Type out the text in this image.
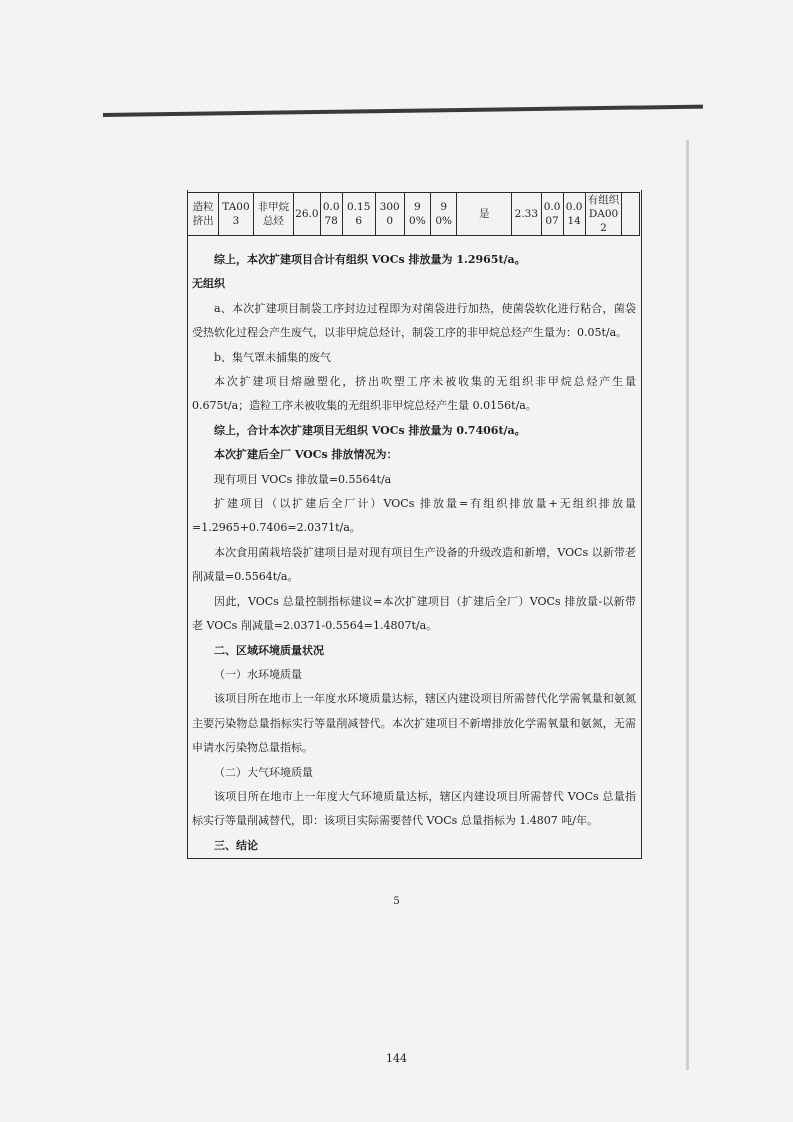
造粒挤出	TA003	非甲烷总烃	26.0	0.078	0.156	3000	90%	90%	是	2.33	0.007	0.014	有组织DA002	

综上，本次扩建项目合计有组织 VOCs 排放量为 1.2965t/a。

无组织

a、本次扩建项目制袋工序封边过程即为对菌袋进行加热，使菌袋软化进行粘合，菌袋受热软化过程会产生废气，以非甲烷总烃计，制袋工序的非甲烷总烃产生量为：0.05t/a。

b、集气罩未捕集的废气

本次扩建项目熔融塑化，挤出吹塑工序未被收集的无组织非甲烷总烃产生量 0.675t/a；造粒工序未被收集的无组织非甲烷总烃产生量 0.0156t/a。

综上，合计本次扩建项目无组织 VOCs 排放量为 0.7406t/a。

本次扩建后全厂 VOCs 排放情况为：

现有项目 VOCs 排放量=0.5564t/a

扩建项目（以扩建后全厂计）VOCs 排放量=有组织排放量+无组织排放量=1.2965+0.7406=2.0371t/a。

本次食用菌栽培袋扩建项目是对现有项目生产设备的升级改造和新增，VOCs 以新带老削减量=0.5564t/a。

因此，VOCs 总量控制指标建议=本次扩建项目（扩建后全厂）VOCs 排放量-以新带老 VOCs 削减量=2.0371-0.5564=1.4807t/a。

二、区域环境质量状况

（一）水环境质量

该项目所在地市上一年度水环境质量达标，辖区内建设项目所需替代化学需氧量和氨氮主要污染物总量指标实行等量削减替代。本次扩建项目不新增排放化学需氧量和氨氮，无需申请水污染物总量指标。

（二）大气环境质量

该项目所在地市上一年度大气环境质量达标，辖区内建设项目所需替代 VOCs 总量指标实行等量削减替代，即：该项目实际需要替代 VOCs 总量指标为 1.4807 吨/年。

三、结论

5
144
